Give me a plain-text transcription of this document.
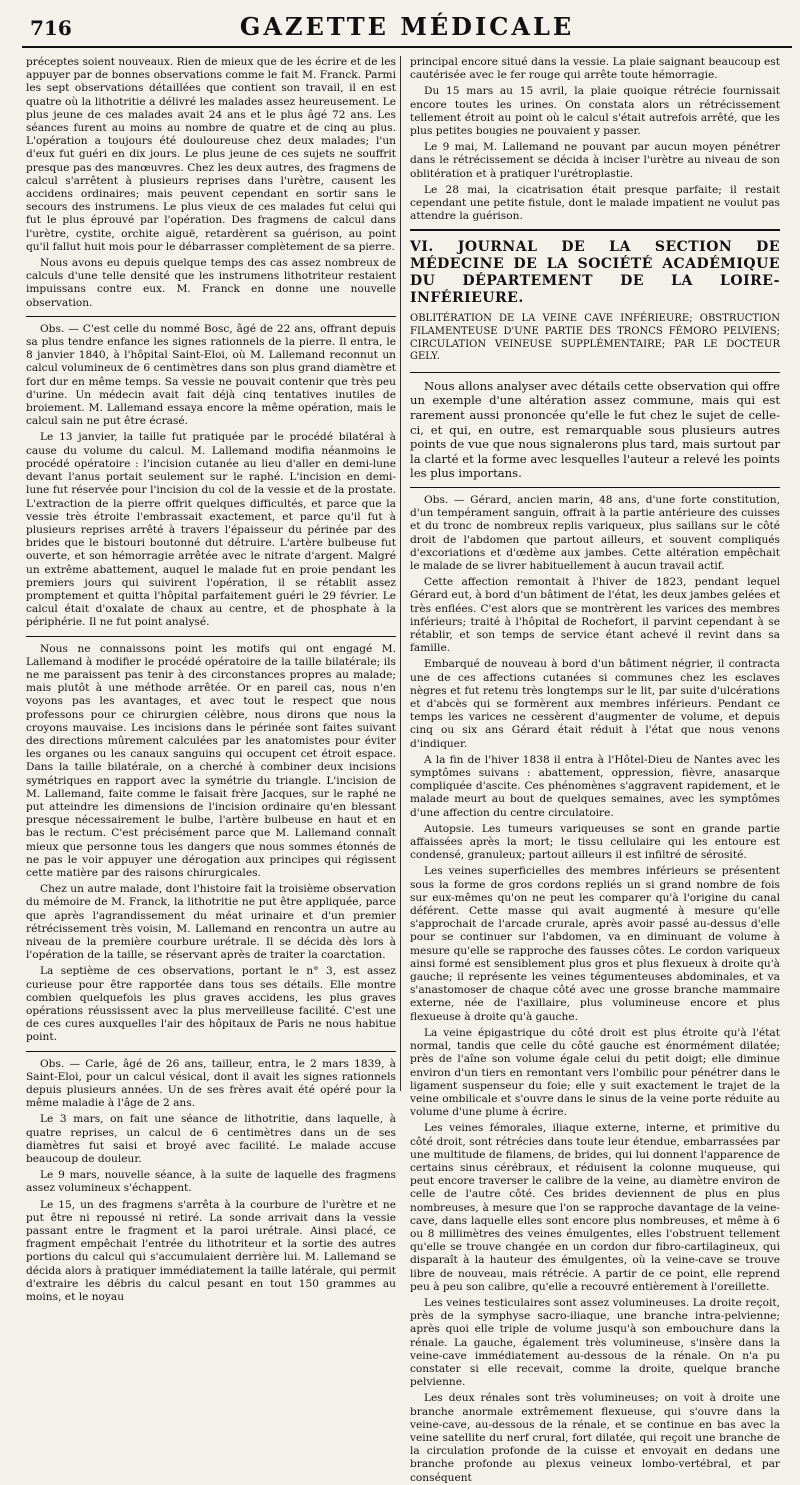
716	GAZETTE MÉDICALE

préceptes soient nouveaux. Rien de mieux que de les écrire et de les appuyer par de bonnes observations comme le fait M. Franck. Parmi les sept observations détaillées que contient son travail, il en est quatre où la lithotritie a délivré les malades assez heureusement. Le plus jeune de ces malades avait 24 ans et le plus âgé 72 ans. Les séances furent au moins au nombre de quatre et de cinq au plus. L'opération a toujours été douloureuse chez deux malades; l'un d'eux fut guéri en dix jours. Le plus jeune de ces sujets ne souffrit presque pas des manœuvres. Chez les deux autres, des fragmens de calcul s'arrêtent à plusieurs reprises dans l'urètre, causent les accidens ordinaires; mais peuvent cependant en sortir sans le secours des instrumens. Le plus vieux de ces malades fut celui qui fut le plus éprouvé par l'opération. Des fragmens de calcul dans l'urètre, cystite, orchite aiguë, retardèrent sa guérison, au point qu'il fallut huit mois pour le débarrasser complètement de sa pierre.

Nous avons eu depuis quelque temps des cas assez nombreux de calculs d'une telle densité que les instrumens lithotriteur restaient impuissans contre eux. M. Franck en donne une nouvelle observation.

Obs. — C'est celle du nommé Bosc, âgé de 22 ans, offrant depuis sa plus tendre enfance les signes rationnels de la pierre. Il entra, le 8 janvier 1840, à l'hôpital Saint-Eloi, où M. Lallemand reconnut un calcul volumineux de 6 centimètres dans son plus grand diamètre et fort dur en même temps. Sa vessie ne pouvait contenir que très peu d'urine. Un médecin avait fait déjà cinq tentatives inutiles de broiement. M. Lallemand essaya encore la même opération, mais le calcul sain ne put être écrasé.

Le 13 janvier, la taille fut pratiquée par le procédé bilatéral à cause du volume du calcul. M. Lallemand modifia néanmoins le procédé opératoire : l'incision cutanée au lieu d'aller en demi-lune devant l'anus portait seulement sur le raphé. L'incision en demi-lune fut réservée pour l'incision du col de la vessie et de la prostate. L'extraction de la pierre offrit quelques difficultés, et parce que la vessie très étroite l'embrassait exactement, et parce qu'il fut à plusieurs reprises arrêté à travers l'épaisseur du périnée par des brides que le bistouri boutonné dut détruire. L'artère bulbeuse fut ouverte, et son hémorragie arrêtée avec le nitrate d'argent. Malgré un extrême abattement, auquel le malade fut en proie pendant les premiers jours qui suivirent l'opération, il se rétablit assez promptement et quitta l'hôpital parfaitement guéri le 29 février. Le calcul était d'oxalate de chaux au centre, et de phosphate à la périphérie. Il ne fut point analysé.

Nous ne connaissons point les motifs qui ont engagé M. Lallemand à modifier le procédé opératoire de la taille bilatérale; ils ne me paraissent pas tenir à des circonstances propres au malade; mais plutôt à une méthode arrêtée. Or en pareil cas, nous n'en voyons pas les avantages, et avec tout le respect que nous professons pour ce chirurgien célèbre, nous dirons que nous la croyons mauvaise. Les incisions dans le périnée sont faites suivant des directions mûrement calculées par les anatomistes pour éviter les organes ou les canaux sanguins qui occupent cet étroit espace. Dans la taille bilatérale, on a cherché à combiner deux incisions symétriques en rapport avec la symétrie du triangle. L'incision de M. Lallemand, faite comme le faisait frère Jacques, sur le raphé ne put atteindre les dimensions de l'incision ordinaire qu'en blessant presque nécessairement le bulbe, l'artère bulbeuse en haut et en bas le rectum. C'est précisément parce que M. Lallemand connaît mieux que personne tous les dangers que nous sommes étonnés de ne pas le voir appuyer une dérogation aux principes qui régissent cette matière par des raisons chirurgicales.

Chez un autre malade, dont l'histoire fait la troisième observation du mémoire de M. Franck, la lithotritie ne put être appliquée, parce que après l'agrandissement du méat urinaire et d'un premier rétrécissement très voisin, M. Lallemand en rencontra un autre au niveau de la première courbure urétrale. Il se décida dès lors à l'opération de la taille, se réservant après de traiter la coarctation.

La septième de ces observations, portant le n° 3, est assez curieuse pour être rapportée dans tous ses détails. Elle montre combien quelquefois les plus graves accidens, les plus graves opérations réussissent avec la plus merveilleuse facilité. C'est une de ces cures auxquelles l'air des hôpitaux de Paris ne nous habitue point.

Obs. — Carle, âgé de 26 ans, tailleur, entra, le 2 mars 1839, à Saint-Eloi, pour un calcul vésical, dont il avait les signes rationnels depuis plusieurs années. Un de ses frères avait été opéré pour la même maladie à l'âge de 2 ans.

Le 3 mars, on fait une séance de lithotritie, dans laquelle, à quatre reprises, un calcul de 6 centimètres dans un de ses diamètres fut saisi et broyé avec facilité. Le malade accuse beaucoup de douleur.

Le 9 mars, nouvelle séance, à la suite de laquelle des fragmens assez volumineux s'échappent.

Le 15, un des fragmens s'arrêta à la courbure de l'urètre et ne put être ni repoussé ni retiré. La sonde arrivait dans la vessie passant entre le fragment et la paroi urétrale. Ainsi placé, ce fragment empêchait l'entrée du lithotriteur et la sortie des autres portions du calcul qui s'accumulaient derrière lui. M. Lallemand se décida alors à pratiquer immédiatement la taille latérale, qui permit d'extraire les débris du calcul pesant en tout 150 grammes au moins, et le noyau

principal encore situé dans la vessie. La plaie saignant beaucoup est cautérisée avec le fer rouge qui arrête toute hémorragie.

Du 15 mars au 15 avril, la plaie quoique rétrécie fournissait encore toutes les urines. On constata alors un rétrécissement tellement étroit au point où le calcul s'était autrefois arrêté, que les plus petites bougies ne pouvaient y passer.

Le 9 mai, M. Lallemand ne pouvant par aucun moyen pénétrer dans le rétrécissement se décida à inciser l'urètre au niveau de son oblitération et à pratiquer l'urétroplastie.

Le 28 mai, la cicatrisation était presque parfaite; il restait cependant une petite fistule, dont le malade impatient ne voulut pas attendre la guérison.

VI. JOURNAL DE LA SECTION DE MÉDECINE DE LA SOCIÉTÉ ACADÉMIQUE DU DÉPARTEMENT DE LA LOIRE-INFÉRIEURE.
OBLITÉRATION DE LA VEINE CAVE INFÉRIEURE; OBSTRUCTION FILAMENTEUSE D'UNE PARTIE DES TRONCS FÉMORO PELVIENS; CIRCULATION VEINEUSE SUPPLÉMENTAIRE; PAR LE DOCTEUR GELY.

Nous allons analyser avec détails cette observation qui offre un exemple d'une altération assez commune, mais qui est rarement aussi prononcée qu'elle le fut chez le sujet de celle-ci, et qui, en outre, est remarquable sous plusieurs autres points de vue que nous signalerons plus tard, mais surtout par la clarté et la forme avec lesquelles l'auteur a relevé les points les plus importans.

Obs. — Gérard, ancien marin, 48 ans, d'une forte constitution, d'un tempérament sanguin, offrait à la partie antérieure des cuisses et du tronc de nombreux replis variqueux, plus saillans sur le côté droit de l'abdomen que partout ailleurs, et souvent compliqués d'excoriations et d'œdème aux jambes. Cette altération empêchait le malade de se livrer habituellement à aucun travail actif.

Cette affection remontait à l'hiver de 1823, pendant lequel Gérard eut, à bord d'un bâtiment de l'état, les deux jambes gelées et très enflées. C'est alors que se montrèrent les varices des membres inférieurs; traité à l'hôpital de Rochefort, il parvint cependant à se rétablir, et son temps de service étant achevé il revint dans sa famille.

Embarqué de nouveau à bord d'un bâtiment négrier, il contracta une de ces affections cutanées si communes chez les esclaves nègres et fut retenu très longtemps sur le lit, par suite d'ulcérations et d'abcès qui se formèrent aux membres inférieurs. Pendant ce temps les varices ne cessèrent d'augmenter de volume, et depuis cinq ou six ans Gérard était réduit à l'état que nous venons d'indiquer.

A la fin de l'hiver 1838 il entra à l'Hôtel-Dieu de Nantes avec les symptômes suivans : abattement, oppression, fièvre, anasarque compliquée d'ascite. Ces phénomènes s'aggravent rapidement, et le malade meurt au bout de quelques semaines, avec les symptômes d'une affection du centre circulatoire.

Autopsie. Les tumeurs variqueuses se sont en grande partie affaissées après la mort; le tissu cellulaire qui les entoure est condensé, granuleux; partout ailleurs il est infiltré de sérosité.

Les veines superficielles des membres inférieurs se présentent sous la forme de gros cordons repliés un si grand nombre de fois sur eux-mêmes qu'on ne peut les comparer qu'à l'origine du canal déférent. Cette masse qui avait augmenté à mesure qu'elle s'approchait de l'arcade crurale, après avoir passé au-dessus d'elle pour se continuer sur l'abdomen, va en diminuant de volume à mesure qu'elle se rapproche des fausses côtes. Le cordon variqueux ainsi formé est sensiblement plus gros et plus flexueux à droite qu'à gauche; il représente les veines tégumenteuses abdominales, et va s'anastomoser de chaque côté avec une grosse branche mammaire externe, née de l'axillaire, plus volumineuse encore et plus flexueuse à droite qu'à gauche.

La veine épigastrique du côté droit est plus étroite qu'à l'état normal, tandis que celle du côté gauche est énormément dilatée; près de l'aîne son volume égale celui du petit doigt; elle diminue environ d'un tiers en remontant vers l'ombilic pour pénétrer dans le ligament suspenseur du foie; elle y suit exactement le trajet de la veine ombilicale et s'ouvre dans le sinus de la veine porte réduite au volume d'une plume à écrire.

Les veines fémorales, iliaque externe, interne, et primitive du côté droit, sont rétrécies dans toute leur étendue, embarrassées par une multitude de filamens, de brides, qui lui donnent l'apparence de certains sinus cérébraux, et réduisent la colonne muqueuse, qui peut encore traverser le calibre de la veine, au diamètre environ de celle de l'autre côté. Ces brides deviennent de plus en plus nombreuses, à mesure que l'on se rapproche davantage de la veine-cave, dans laquelle elles sont encore plus nombreuses, et même à 6 ou 8 millimètres des veines émulgentes, elles l'obstruent tellement qu'elle se trouve changée en un cordon dur fibro-cartilagineux, qui disparaît à la hauteur des émulgentes, où la veine-cave se trouve libre de nouveau, mais rétrécie. A partir de ce point, elle reprend peu à peu son calibre, qu'elle a recouvré entièrement à l'oreillette.

Les veines testiculaires sont assez volumineuses. La droite reçoit, près de la symphyse sacro-iliaque, une branche intra-pelvienne; après quoi elle triple de volume jusqu'à son embouchure dans la rénale. La gauche, également très volumineuse, s'insère dans la veine-cave immédiatement au-dessous de la rénale. On n'a pu constater si elle recevait, comme la droite, quelque branche pelvienne.

Les deux rénales sont très volumineuses; on voit à droite une branche anormale extrêmement flexueuse, qui s'ouvre dans la veine-cave, au-dessous de la rénale, et se continue en bas avec la veine satellite du nerf crural, fort dilatée, qui reçoit une branche de la circulation profonde de la cuisse et envoyait en dedans une branche profonde au plexus veineux lombo-vertébral, et par conséquent
